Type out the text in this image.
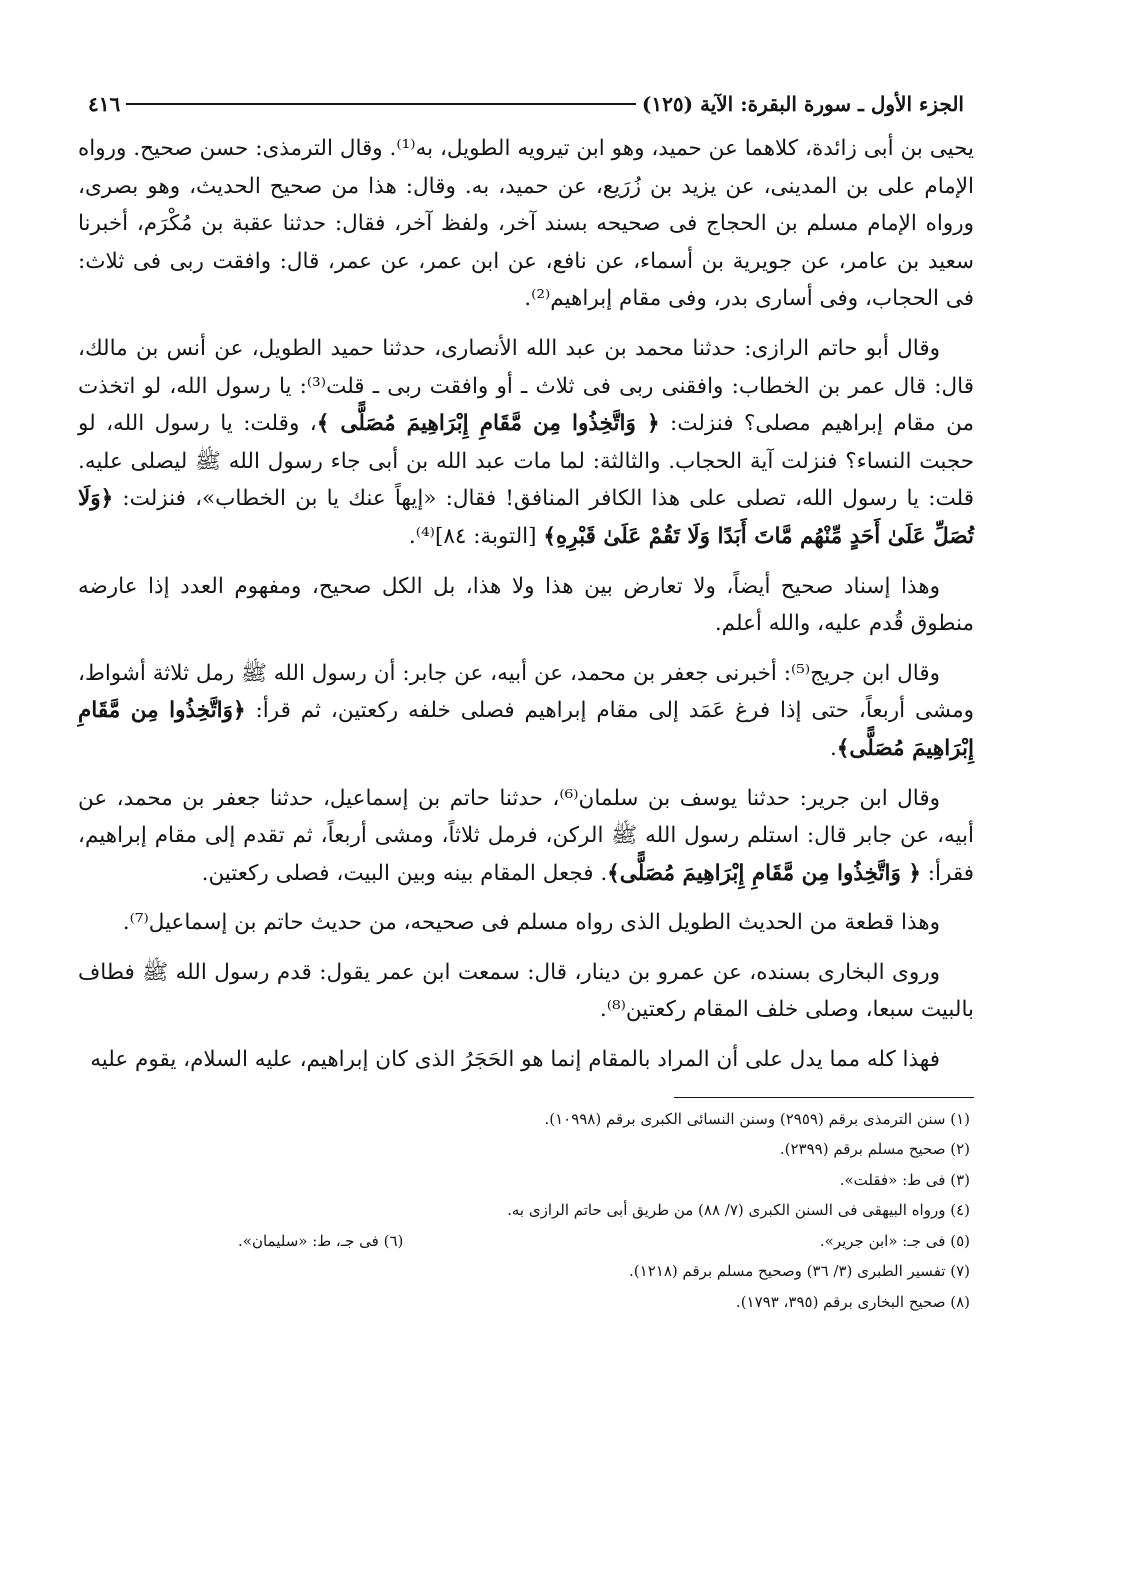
الجزء الأول ـ سورة البقرة: الآية (١٢٥)
٤١٦

يحيى بن أبى زائدة، كلاهما عن حميد، وهو ابن تيرويه الطويل، به⁽¹⁾. وقال الترمذى: حسن صحيح. ورواه الإمام على بن المدينى، عن يزيد بن زُرَيع، عن حميد، به. وقال: هذا من صحيح الحديث، وهو بصرى، ورواه الإمام مسلم بن الحجاج فى صحيحه بسند آخر، ولفظ آخر، فقال: حدثنا عقبة بن مُكْرَم، أخبرنا سعيد بن عامر، عن جويرية بن أسماء، عن نافع، عن ابن عمر، عن عمر، قال: وافقت ربى فى ثلاث: فى الحجاب، وفى أسارى بدر، وفى مقام إبراهيم⁽²⁾.

وقال أبو حاتم الرازى: حدثنا محمد بن عبد الله الأنصارى، حدثنا حميد الطويل، عن أنس بن مالك، قال: قال عمر بن الخطاب: وافقنى ربى فى ثلاث ـ أو وافقت ربى ـ قلت⁽³⁾: يا رسول الله، لو اتخذت من مقام إبراهيم مصلى؟ فنزلت: ﴿ وَاتَّخِذُوا مِن مَّقَامِ إِبْرَاهِيمَ مُصَلًّى ﴾، وقلت: يا رسول الله، لو حجبت النساء؟ فنزلت آية الحجاب. والثالثة: لما مات عبد الله بن أبى جاء رسول الله ﷺ ليصلى عليه. قلت: يا رسول الله، تصلى على هذا الكافر المنافق! فقال: «إيهاً عنك يا بن الخطاب»، فنزلت: ﴿وَلَا تُصَلِّ عَلَىٰ أَحَدٍ مِّنْهُم مَّاتَ أَبَدًا وَلَا تَقُمْ عَلَىٰ قَبْرِهِ﴾ [التوبة: ٨٤]⁽⁴⁾.

وهذا إسناد صحيح أيضاً، ولا تعارض بين هذا ولا هذا، بل الكل صحيح، ومفهوم العدد إذا عارضه منطوق قُدم عليه، والله أعلم.

وقال ابن جريج⁽⁵⁾: أخبرنى جعفر بن محمد، عن أبيه، عن جابر: أن رسول الله ﷺ رمل ثلاثة أشواط، ومشى أربعاً، حتى إذا فرغ عَمَد إلى مقام إبراهيم فصلى خلفه ركعتين، ثم قرأ: ﴿وَاتَّخِذُوا مِن مَّقَامِ إِبْرَاهِيمَ مُصَلًّى﴾.

وقال ابن جرير: حدثنا يوسف بن سلمان⁽⁶⁾، حدثنا حاتم بن إسماعيل، حدثنا جعفر بن محمد، عن أبيه، عن جابر قال: استلم رسول الله ﷺ الركن، فرمل ثلاثاً، ومشى أربعاً، ثم تقدم إلى مقام إبراهيم، فقرأ: ﴿ وَاتَّخِذُوا مِن مَّقَامِ إِبْرَاهِيمَ مُصَلًّى﴾. فجعل المقام بينه وبين البيت، فصلى ركعتين.

وهذا قطعة من الحديث الطويل الذى رواه مسلم فى صحيحه، من حديث حاتم بن إسماعيل⁽⁷⁾.

وروى البخارى بسنده، عن عمرو بن دينار، قال: سمعت ابن عمر يقول: قدم رسول الله ﷺ فطاف بالبيت سبعا، وصلى خلف المقام ركعتين⁽⁸⁾.

فهذا كله مما يدل على أن المراد بالمقام إنما هو الحَجَرُ الذى كان إبراهيم، عليه السلام، يقوم عليه

(١) سنن الترمذى برقم (٢٩٥٩) وسنن النسائى الكبرى برقم (١٠٩٩٨).
(٢) صحيح مسلم برقم (٢٣٩٩).
(٣) فى ط: «فقلت».
(٤) ورواه البيهقى فى السنن الكبرى (٧/ ٨٨) من طريق أبى حاتم الرازى به.
(٥) فى جـ: «ابن جرير».
(٦) فى جـ، ط: «سليمان».
(٧) تفسير الطبرى (٣/ ٣٦) وصحيح مسلم برقم (١٢١٨).
(٨) صحيح البخارى برقم (٣٩٥، ١٧٩٣).
